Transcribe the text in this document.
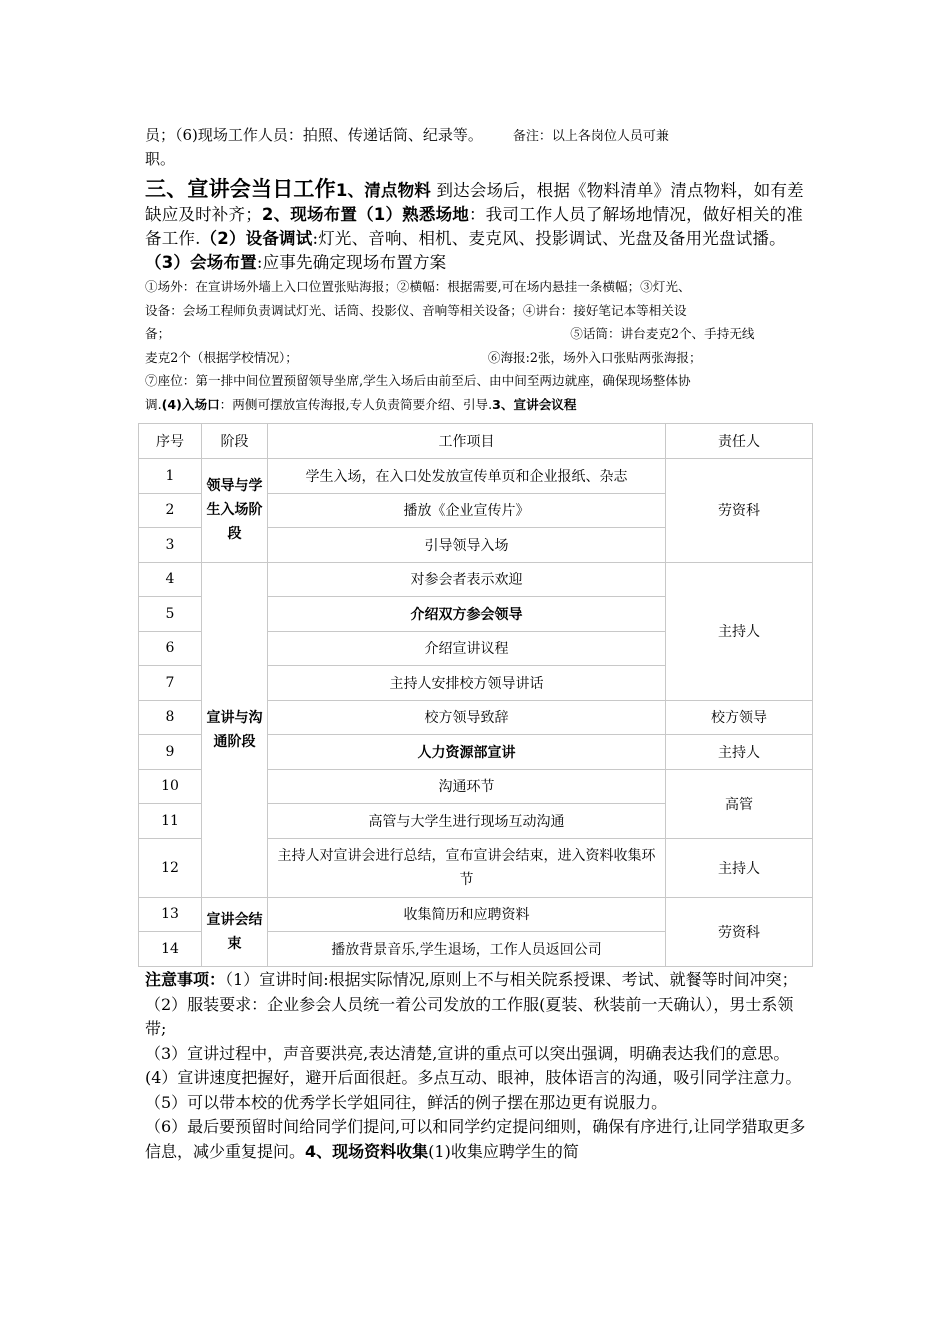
员；（6)现场工作人员：拍照、传递话筒、纪录等。 备注：以上各岗位人员可兼
职。

三、宣讲会当日工作1、清点物料 到达会场后，根据《物料清单》清点物料，如有差缺应及时补齐；2、现场布置（1）熟悉场地：我司工作人员了解场地情况，做好相关的准备工作.（2）设备调试:灯光、音响、相机、麦克风、投影调试、光盘及备用光盘试播。（3）会场布置:应事先确定现场布置方案

①场外：在宣讲场外墙上入口位置张贴海报；②横幅：根据需要,可在场内悬挂一条横幅；③灯光、
设备：会场工程师负责调试灯光、话筒、投影仪、音响等相关设备；④讲台：接好笔记本等相关设
备；	⑤话筒：讲台麦克2个、手持无线
麦克2个（根据学校情况）；	⑥海报:2张，场外入口张贴两张海报；
⑦座位：第一排中间位置预留领导坐席,学生入场后由前至后、由中间至两边就座，确保现场整体协
调.(4)入场口：两侧可摆放宣传海报,专人负责简要介绍、引导.3、宣讲会议程

序号	阶段	工作项目	责任人
1	领导与学生入场阶段	学生入场，在入口处发放宣传单页和企业报纸、杂志	劳资科
2		播放《企业宣传片》	
3		引导领导入场	
4	宣讲与沟通阶段	对参会者表示欢迎	主持人
5		介绍双方参会领导	
6		介绍宣讲议程	
7		主持人安排校方领导讲话	
8		校方领导致辞	校方领导
9		人力资源部宣讲	主持人
10		沟通环节	高管
11		高管与大学生进行现场互动沟通	
12		主持人对宣讲会进行总结，宣布宣讲会结束，进入资料收集环节	主持人
13	宣讲会结束	收集简历和应聘资料	劳资科
14		播放背景音乐,学生退场，工作人员返回公司	

注意事项：（1）宣讲时间:根据实际情况,原则上不与相关院系授课、考试、就餐等时间冲突；（2）服装要求：企业参会人员统一着公司发放的工作服(夏装、秋装前一天确认），男士系领带;

（3）宣讲过程中，声音要洪亮,表达清楚,宣讲的重点可以突出强调，明确表达我们的意思。

(4）宣讲速度把握好，避开后面很赶。多点互动、眼神，肢体语言的沟通，吸引同学注意力。

（5）可以带本校的优秀学长学姐同往，鲜活的例子摆在那边更有说服力。

（6）最后要预留时间给同学们提问,可以和同学约定提问细则，确保有序进行,让同学猎取更多信息，减少重复提问。4、现场资料收集(1)收集应聘学生的简
